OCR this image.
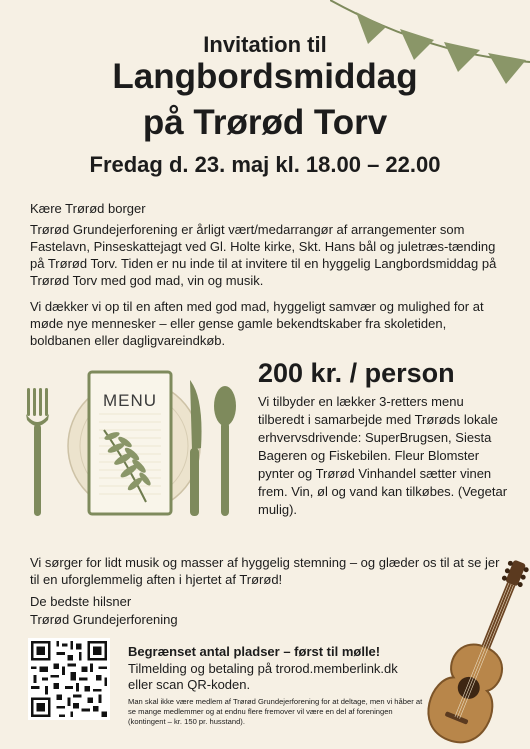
Invitation til
Langbordsmiddag
på Trørød Torv
Fredag d. 23. maj kl. 18.00 – 22.00
Kære Trørød borger
Trørød Grundejerforening er årligt vært/medarrangør af arrangementer som Fastelavn, Pinseskattejagt ved Gl. Holte kirke, Skt. Hans bål og juletræs-tænding på Trørød Torv. Tiden er nu inde til at invitere til en hyggelig Langbordsmiddag på Trørød Torv med god mad, vin og musik.
Vi dækker vi op til en aften med god mad, hyggeligt samvær og mulighed for at møde nye mennesker – eller gense gamle bekendtskaber fra skoletiden, boldbanen eller dagligvareindkøb.
MENU
200 kr. / person
Vi tilbyder en lækker 3-retters menu tilberedt i samarbejde med Trørøds lokale erhvervsdrivende: SuperBrugsen, Siesta Bageren og Fiskebilen. Fleur Blomster pynter og Trørød Vinhandel sætter vinen frem. Vin, øl og vand kan tilkøbes. (Vegetar mulig).
Vi sørger for lidt musik og masser af hyggelig stemning – og glæder os til at se jer til en uforglemmelig aften i hjertet af Trørød!
De bedste hilsner
Trørød Grundejerforening
Begrænset antal pladser – først til mølle!
Tilmelding og betaling på trorod.memberlink.dk
eller scan QR-koden.
Man skal ikke være medlem af Trørød Grundejerforening for at deltage, men vi håber at se mange medlemmer og at endnu flere fremover vil være en del af foreningen (kontingent – kr. 150 pr. husstand).
